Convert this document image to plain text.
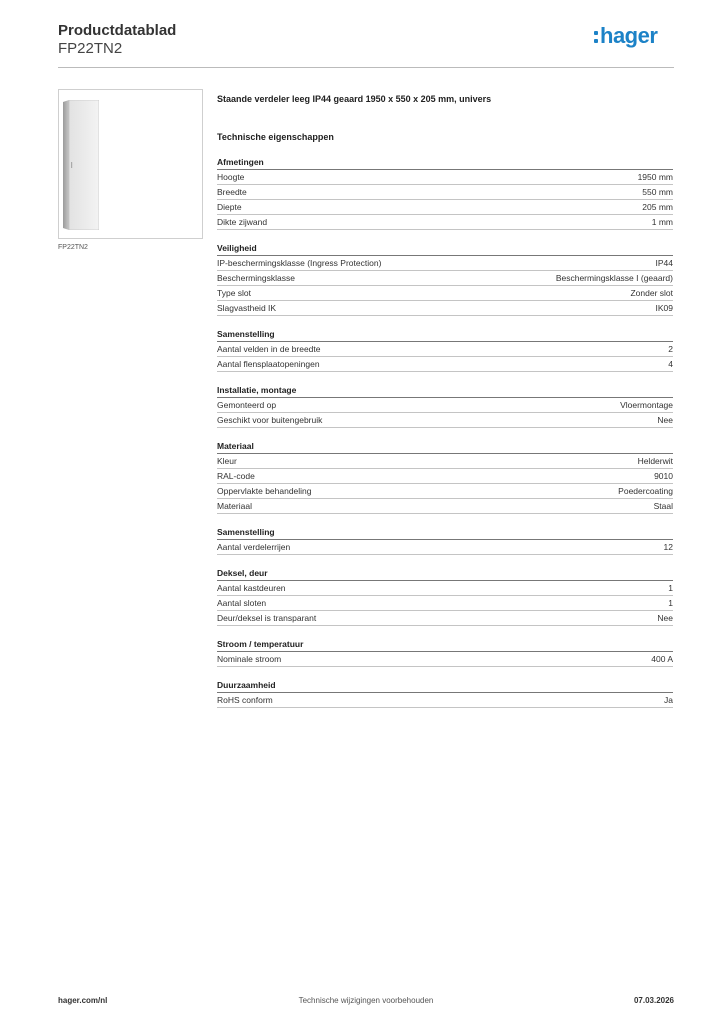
Productdatablad
FP22TN2
hager
FP22TN2
Staande verdeler leeg IP44 geaard 1950 x 550 x 205 mm, univers
Technische eigenschappen
Afmetingen
Hoogte	1950 mm
Breedte	550 mm
Diepte	205 mm
Dikte zijwand	1 mm
Veiligheid
IP-beschermingsklasse (Ingress Protection)	IP44
Beschermingsklasse	Beschermingsklasse I (geaard)
Type slot	Zonder slot
Slagvastheid IK	IK09
Samenstelling
Aantal velden in de breedte	2
Aantal flensplaatopeningen	4
Installatie, montage
Gemonteerd op	Vloermontage
Geschikt voor buitengebruik	Nee
Materiaal
Kleur	Helderwit
RAL-code	9010
Oppervlakte behandeling	Poedercoating
Materiaal	Staal
Samenstelling
Aantal verdelerrijen	12
Deksel, deur
Aantal kastdeuren	1
Aantal sloten	1
Deur/deksel is transparant	Nee
Stroom / temperatuur
Nominale stroom	400 A
Duurzaamheid
RoHS conform	Ja
hager.com/nl	Technische wijzigingen voorbehouden	07.03.2026
